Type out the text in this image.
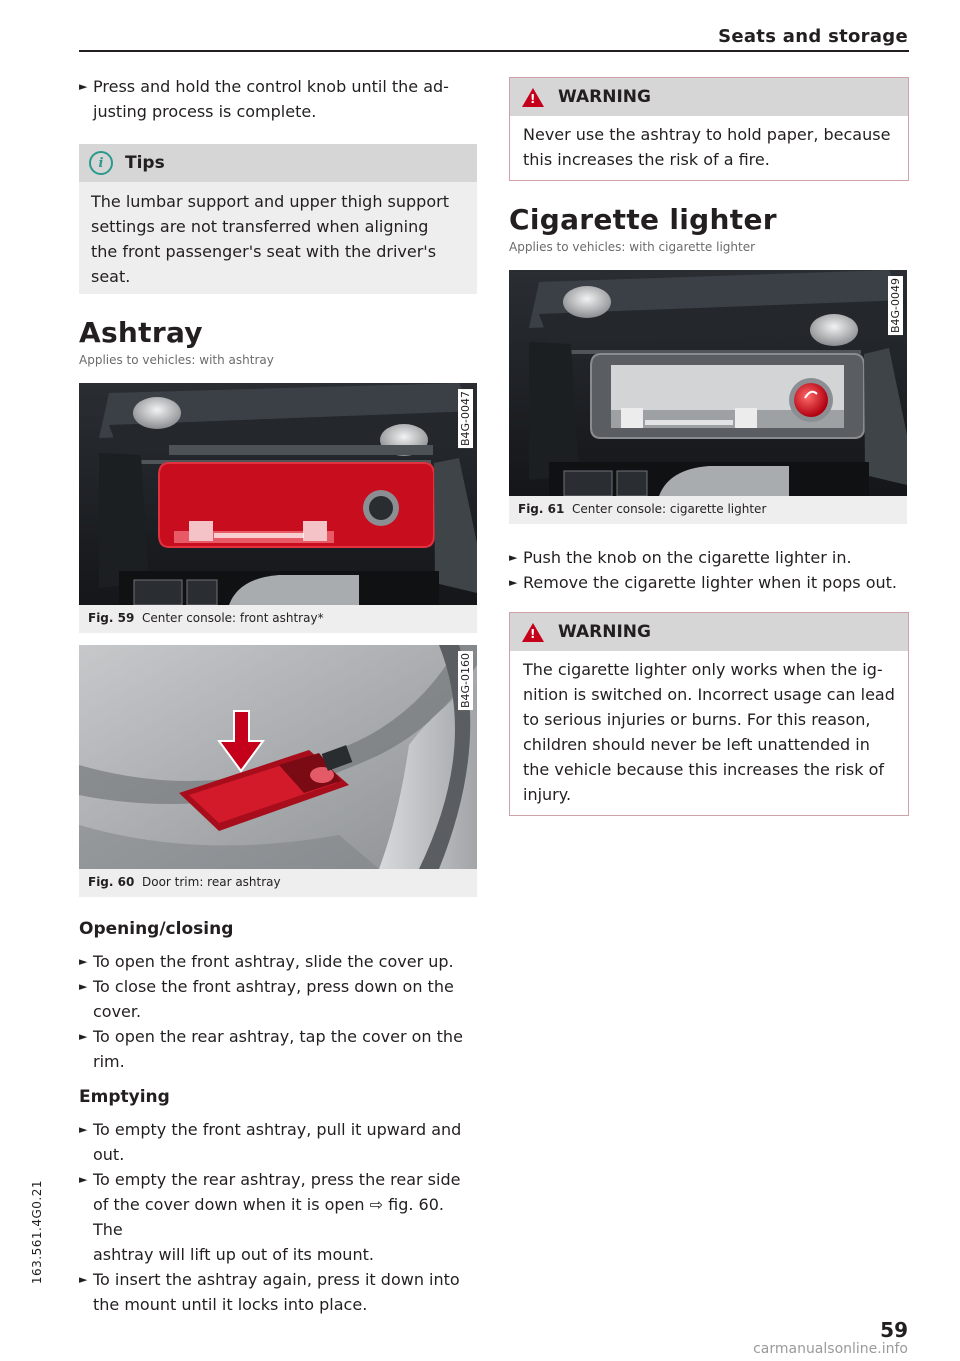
Seats and storage
► Press and hold the control knob until the ad-
justing process is complete.
i	Tips
The lumbar support and upper thigh support
settings are not transferred when aligning
the front passenger's seat with the driver's
seat.
Ashtray
Applies to vehicles: with ashtray
B4G-0047
Fig. 59 Center console: front ashtray*
B4G-0160
Fig. 60 Door trim: rear ashtray
Opening/closing
► To open the front ashtray, slide the cover up.
► To close the front ashtray, press down on the
cover.
► To open the rear ashtray, tap the cover on the
rim.
Emptying
► To empty the front ashtray, pull it upward and
out.
► To empty the rear ashtray, press the rear side
of the cover down when it is open ⇨ fig. 60. The
ashtray will lift up out of its mount.
► To insert the ashtray again, press it down into
the mount until it locks into place.
! WARNING
Never use the ashtray to hold paper, because
this increases the risk of a fire.
Cigarette lighter
Applies to vehicles: with cigarette lighter
B4G-0049
Fig. 61 Center console: cigarette lighter
► Push the knob on the cigarette lighter in.
► Remove the cigarette lighter when it pops out.
! WARNING
The cigarette lighter only works when the ig-
nition is switched on. Incorrect usage can lead
to serious injuries or burns. For this reason,
children should never be left unattended in
the vehicle because this increases the risk of
injury.
163.561.4G0.21
59
carmanualsonline.info
